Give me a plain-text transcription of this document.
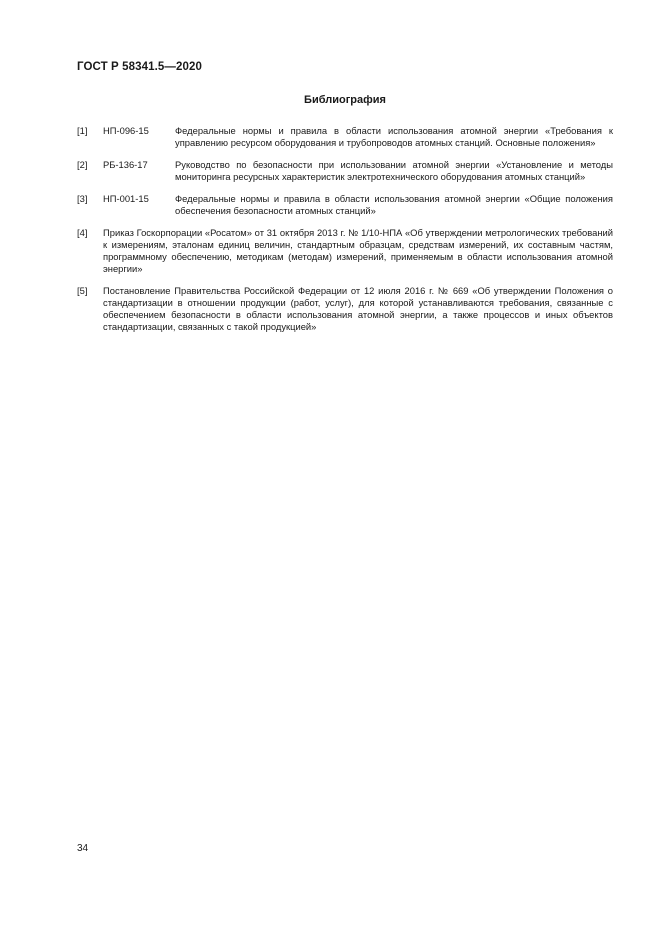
ГОСТ Р 58341.5—2020
Библиография
[1] НП-096-15	Федеральные нормы и правила в области использования атомной энергии «Требования к управлению ресурсом оборудования и трубопроводов атомных станций. Основные положения»
[2] РБ-136-17	Руководство по безопасности при использовании атомной энергии «Установление и методы мониторинга ресурсных характеристик электротехнического оборудования атомных станций»
[3] НП-001-15	Федеральные нормы и правила в области использования атомной энергии «Общие положения обеспечения безопасности атомных станций»
[4] Приказ Госкорпорации «Росатом» от 31 октября 2013 г. № 1/10-НПА «Об утверждении метрологических требований к измерениям, эталонам единиц величин, стандартным образцам, средствам измерений, их составным частям, программному обеспечению, методикам (методам) измерений, применяемым в области использования атомной энергии»
[5] Постановление Правительства Российской Федерации от 12 июля 2016 г. № 669 «Об утверждении Положения о стандартизации в отношении продукции (работ, услуг), для которой устанавливаются требования, связанные с обеспечением безопасности в области использования атомной энергии, а также процессов и иных объектов стандартизации, связанных с такой продукцией»
34
